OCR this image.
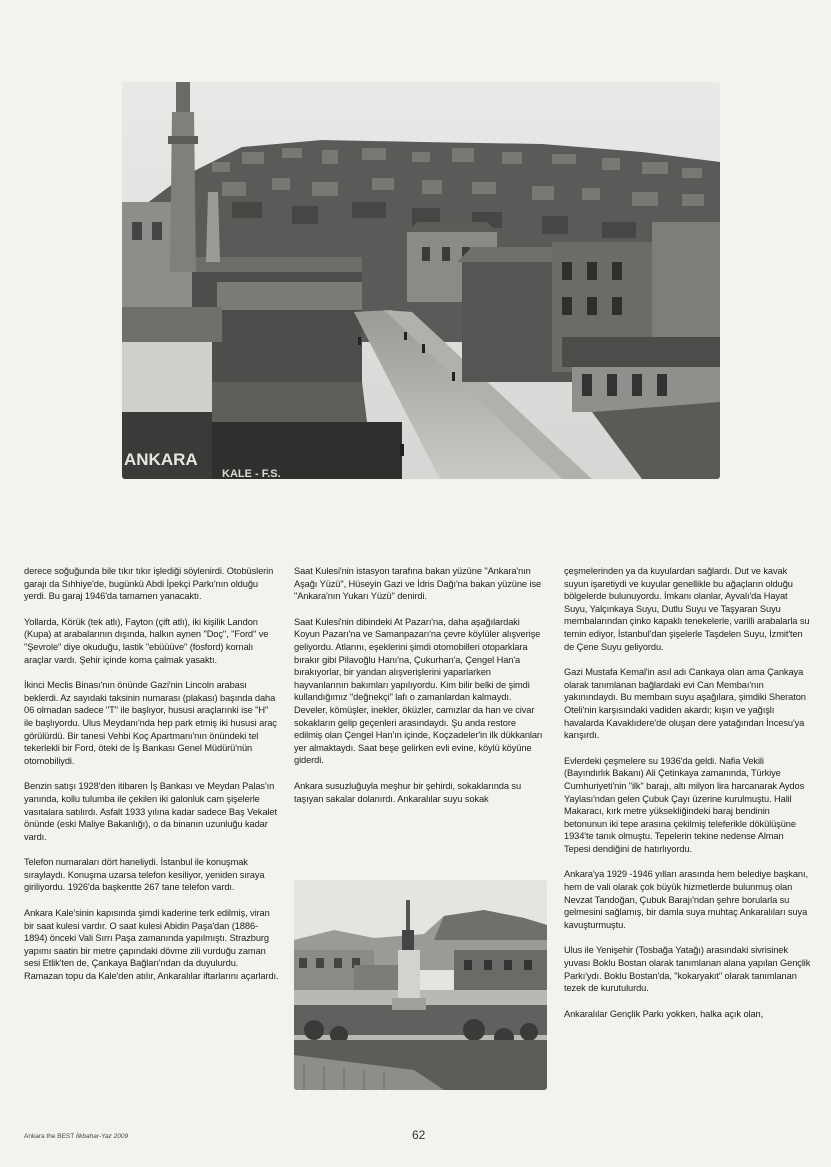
ANKARA
KALE - F.S.

derece soğuğunda bile tıkır tıkır işlediği söylenirdi. Otobüslerin garajı da Sıhhiye'de, bugünkü Abdi İpekçi Parkı'nın olduğu yerdi. Bu garaj 1946'da tamamen yanacaktı.

Yollarda, Körük (tek atlı), Fayton (çift atlı), iki kişilik Landon (Kupa) at arabalarının dışında, halkın aynen "Doç", "Ford" ve "Şevrole" diye okuduğu, lastik "ebüüüve" (fosford) kornalı araçlar vardı. Şehir içinde korna çalmak yasaktı.

İkinci Meclis Binası'nın önünde Gazi'nin Lincoln arabası beklerdi. Az sayıdaki taksinin numarası (plakası) başında daha 06 olmadan sadece "T" ile başlıyor, hususi araçlarınki ise "H" ile başlıyordu. Ulus Meydanı'nda hep park etmiş iki hususi araç görülürdü. Bir tanesi Vehbi Koç Apartmanı'nın önündeki tel tekerlekli bir Ford, öteki de İş Bankası Genel Müdürü'nün otomobiliydi.

Benzin satışı 1928'den itibaren İş Bankası ve Meydan Palas'ın yanında, kollu tulumba ile çekilen iki galonluk cam şişelerle vasıtalara satılırdı. Asfalt 1933 yılına kadar sadece Baş Vekalet önünde (eski Maliye Bakanlığı), o da binanın uzunluğu kadar vardı.

Telefon numaraları dört haneliydi. İstanbul ile konuşmak sıraylaydı. Konuşma uzarsa telefon kesiliyor, yeniden sıraya giriliyordu. 1926'da başkentte 267 tane telefon vardı.

Ankara Kale'sinin kapısında şimdi kaderine terk edilmiş, viran bir saat kulesi vardır. O saat kulesi Abidin Paşa'dan (1886-1894) önceki Vali Sırrı Paşa zamanında yapılmıştı. Strazburg yapımı saatin bir metre çapındaki dövme zili vurduğu zaman sesi Etlik'ten de, Çankaya Bağları'ndan da duyulurdu. Ramazan topu da Kale'den atılır, Ankaralılar iftarlarını açarlardı.

Saat Kulesi'nin istasyon tarafına bakan yüzüne "Ankara'nın Aşağı Yüzü", Hüseyin Gazi ve İdris Dağı'na bakan yüzüne ise "Ankara'nın Yukarı Yüzü" denirdi.

Saat Kulesi'nin dibindeki At Pazarı'na, daha aşağılardaki Koyun Pazarı'na ve Samanpazarı'na çevre köylüler alışverişe geliyordu. Atlarını, eşeklerini şimdi otomobilleri otoparklara bırakır gibi Pilavoğlu Hanı'na, Çukurhan'a, Çengel Han'a bırakıyorlar, bir yandan alışverişlerini yaparlarken hayvanlarının bakımları yapılıyordu. Kim bilir belki de şimdi kullandığımız "değnekçi" lafı o zamanlardan kalmaydı. Develer, kömüşler, inekler, öküzler, camızlar da han ve civar sokakların gelip geçenleri arasındaydı. Şu anda restore edilmiş olan Çengel Han'ın içinde, Koçzadeler'in ilk dükkanları yer almaktaydı. Saat beşe gelirken evli evine, köylü köyüne giderdi.

Ankara susuzluğuyla meşhur bir şehirdi, sokaklarında su taşıyan sakalar dolanırdı. Ankaralılar suyu sokak

çeşmelerinden ya da kuyulardan sağlardı. Dut ve kavak suyun işaretiydi ve kuyular genellikle bu ağaçların olduğu bölgelerde bulunuyordu. İmkanı olanlar, Ayvalı'da Hayat Suyu, Yalçınkaya Suyu, Dutlu Suyu ve Taşyaran Suyu membalarından çinko kapaklı tenekelerle, varilli arabalarla su temin ediyor, İstanbul'dan şişelerle Taşdelen Suyu, İzmit'ten de Çene Suyu geliyordu.

Gazi Mustafa Kemal'in asıl adı Cankaya olan ama Çankaya olarak tanımlanan bağlardaki evi Can Membaı'nın yakınındaydı. Bu membaın suyu aşağılara, şimdiki Sheraton Oteli'nin karşısındaki vadiden akardı; kışın ve yağışlı havalarda Kavaklıdere'de oluşan dere yatağından İncesu'ya karışırdı.

Evlerdeki çeşmelere su 1936'da geldi. Nafia Vekili (Bayındırlık Bakanı) Ali Çetinkaya zamanında, Türkiye Cumhuriyeti'nin "ilk" barajı, altı milyon lira harcanarak Aydos Yaylası'ndan gelen Çubuk Çayı üzerine kurulmuştu. Halil Makaracı, kırk metre yüksekliğindeki baraj bendinin betonunun iki tepe arasına çekilmiş teleferikle dökülüşüne 1934'te tanık olmuştu. Tepelerin tekine nedense Alman Tepesi dendiğini de hatırlıyordu.

Ankara'ya 1929 -1946 yılları arasında hem belediye başkanı, hem de vali olarak çok büyük hizmetlerde bulunmuş olan Nevzat Tandoğan, Çubuk Barajı'ndan şehre borularla su gelmesini sağlamış, bir damla suya muhtaç Ankaralıları suya kavuşturmuştu.

Ulus ile Yenişehir (Tosbağa Yatağı) arasındaki sivrisinek yuvası Boklu Bostan olarak tanımlanan alana yapılan Gençlik Parkı'ydı. Boklu Bostan'da, "kokaryakıt" olarak tanımlanan tezek de kurutulurdu.

Ankaralılar Gençlik Parkı yokken, halka açık olan,

Ankara the BEST İlkbahar-Yaz 2009	62
